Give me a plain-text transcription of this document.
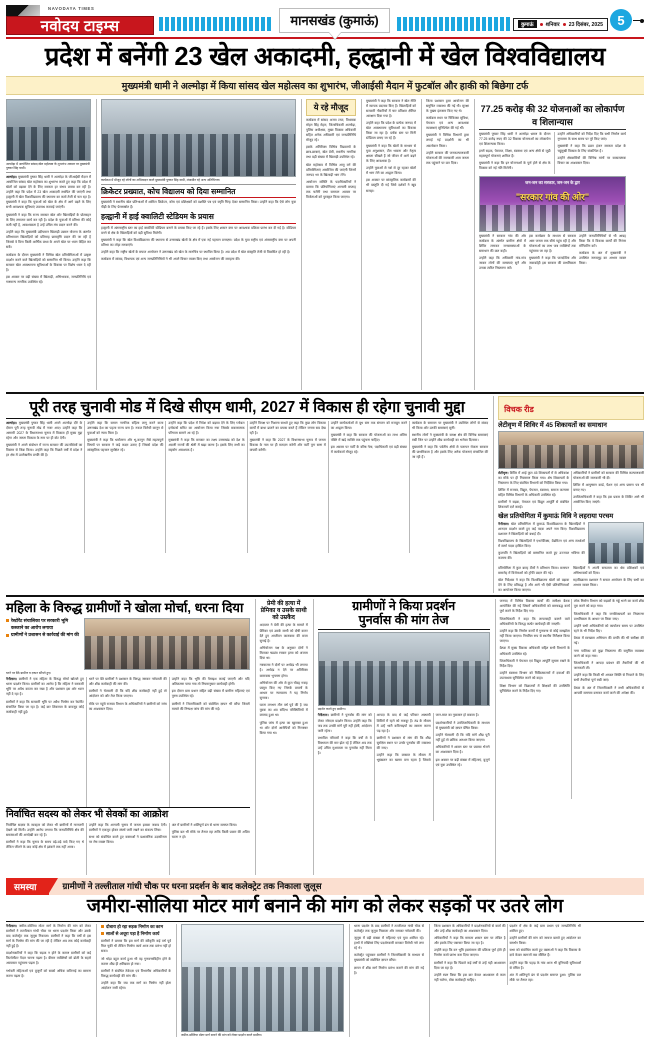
NAVODAYA TIMES
नवोदय टाइम्स	मानसखंड (कुमाऊं)	कुमाऊं	शनिवार 23 दिसंबर, 2025	5
प्रदेश में बनेंगी 23 खेल अकादमी, हल्द्वानी में खेल विश्वविद्यालय
मुख्यमंत्री धामी ने अल्मोड़ा में किया सांसद खेल महोत्सव का शुभारंभ, जीआईसी मैदान में फुटबॉल और हाकी को बिछेगा टर्फ
अल्मोड़ा में आयोजित सांसद खेल महोत्सव के शुभारंभ अवसर पर मुख्यमंत्री पुष्कर सिंह धामी।

अल्मोड़ा। मुख्यमंत्री पुष्कर सिंह धामी ने अल्मोड़ा के जीआईसी मैदान में आयोजित सांसद खेल महोत्सव का शुभारंभ करते हुए कहा कि प्रदेश में खेलों को बढ़ावा देने के लिए सरकार हर संभव प्रयास कर रही है। उन्होंने कहा कि प्रदेश में 23 खेल अकादमी स्थापित की जाएंगी तथा हल्द्वानी में खेल विश्वविद्यालय की स्थापना का कार्य तेजी से चल रहा है। मुख्यमंत्री ने कहा कि युवाओं को खेल के क्षेत्र में आगे बढ़ने के लिए सभी आवश्यक सुविधाएं उपलब्ध करवाई जाएंगी।

मुख्यमंत्री ने कहा कि राज्य सरकार खेल और खिलाड़ियों के प्रोत्साहन के लिए लगातार कार्य कर रही है। प्रदेश के युवाओं में प्रतिभा की कोई कमी नहीं है, आवश्यकता है उन्हें उचित मंच प्रदान करने की।

उन्होंने कहा कि मुख्यमंत्री उदीयमान खिलाड़ी उन्नयन योजना के अंतर्गत प्रतिभावान खिलाड़ियों को प्रतिमाह छात्रवृत्ति प्रदान की जा रही है जिससे वे बिना किसी आर्थिक बाधा के अपने खेल पर ध्यान केंद्रित कर सकें।

कार्यक्रम के दौरान मुख्यमंत्री ने विभिन्न खेल प्रतियोगिताओं में उत्कृष्ट प्रदर्शन करने वाले खिलाड़ियों को सम्मानित भी किया। उन्होंने कहा कि सरकार खेल अवस्थापना सुविधाओं के विकास पर विशेष ध्यान दे रही है।

इस अवसर पर बड़ी संख्या में खिलाड़ी, अभिभावक, जनप्रतिनिधि एवं गणमान्य नागरिक उपस्थित रहे।

कार्यक्रम में मौजूद रहे लोगों का अभिवादन करते मुख्यमंत्री पुष्कर सिंह धामी, मंचासीन रहे अन्य अतिथिगण।
क्रिकेटर प्रख्यात, कोच विद्यालय को दिया सम्मानित

मुख्यमंत्री ने स्थानीय खेल प्रतिभाओं में शामिल क्रिकेटर, कोच एवं प्रशिक्षकों को प्रशस्ति पत्र एवं स्मृति चिन्ह देकर सम्मानित किया। उन्होंने कहा कि ऐसे लोग युवा पीढ़ी के लिए प्रेरणास्रोत हैं।

हल्द्वानी में हाई क्वालिटी स्टेडियम के प्रयास

हल्द्वानी में अंतरराष्ट्रीय स्तर का हाई क्वालिटी स्टेडियम बनाने के प्रयास किए जा रहे हैं। इसके लिए शासन स्तर पर आवश्यक प्रक्रिया प्रारंभ कर दी गई है। स्टेडियम बनने से क्षेत्र के खिलाड़ियों को बड़ी सुविधा मिलेगी।

मुख्यमंत्री ने कहा कि खेल विश्वविद्यालय की स्थापना से उत्तराखंड खेलों के क्षेत्र में एक नई पहचान बनाएगा। प्रदेश के युवा राष्ट्रीय एवं अंतरराष्ट्रीय स्तर पर अपनी प्रतिभा का लोहा मनवाएंगे।

उन्होंने कहा कि राष्ट्रीय खेलों के सफल आयोजन ने उत्तराखंड को खेल के मानचित्र पर स्थापित किया है। अब प्रदेश में खेल संस्कृति तेजी से विकसित हो रही है।

कार्यक्रम में सांसद, विधायक एवं अन्य जनप्रतिनिधियों ने भी अपने विचार व्यक्त किए तथा आयोजन की सराहना की।

ये रहे मौजूद

कार्यक्रम में सांसद अजय टम्टा, विधायक मोहन सिंह मेहरा, जिलाधिकारी अल्मोड़ा, पुलिस अधीक्षक, मुख्य विकास अधिकारी सहित अनेक अधिकारी एवं जनप्रतिनिधि मौजूद रहे।

इसके अतिरिक्त विभिन्न विद्यालयों के छात्र-छात्राएं, खेल प्रेमी, स्थानीय नागरिक तथा बड़ी संख्या में खिलाड़ी उपस्थित रहे।

खेल महोत्सव में विभिन्न आयु वर्ग की प्रतियोगिताएं आयोजित की जाएंगी जिनमें जनपद भर के खिलाड़ी भाग लेंगे।

आयोजन समिति के पदाधिकारियों ने बताया कि प्रतियोगिताएं आगामी सप्ताह तक चलेंगी तथा समापन अवसर पर विजेताओं को पुरस्कृत किया जाएगा।

मुख्यमंत्री ने कहा कि सरकार ने खेल नीति में व्यापक बदलाव किए हैं। खिलाड़ियों को सरकारी नौकरियों में चार प्रतिशत क्षैतिज आरक्षण दिया गया है।

उन्होंने कहा कि प्रदेश के प्रत्येक जनपद में खेल अवस्थापना सुविधाओं का विकास किया जा रहा है। ब्लॉक स्तर पर मिनी स्टेडियम बनाए जा रहे हैं।

मुख्यमंत्री ने कहा कि खेलों के माध्यम से युवा अनुशासन, टीम भावना और नेतृत्व क्षमता सीखते हैं जो जीवन में आगे बढ़ने के लिए आवश्यक है।

उन्होंने युवाओं से नशे से दूर रहकर खेलों में भाग लेने का आह्वान किया।

इस अवसर पर सांस्कृतिक कार्यक्रमों की भी प्रस्तुति दी गई जिसे दर्शकों ने खूब सराहा।

जिला प्रशासन द्वारा आयोजन की समुचित व्यवस्था की गई थी। सुरक्षा के पुख्ता इंतजाम किए गए थे।

कार्यक्रम स्थल पर चिकित्सा सुविधा, पेयजल एवं अन्य आवश्यक व्यवस्थाएं सुनिश्चित की गई थीं।

मुख्यमंत्री ने विभिन्न विभागों द्वारा लगाई गई प्रदर्शनी का भी अवलोकन किया।

उन्होंने सरकार की जनकल्याणकारी योजनाओं की जानकारी आम जनता तक पहुंचाने पर बल दिया।

77.25 करोड़ की 32 योजनाओं का लोकार्पण व शिलान्यास

मुख्यमंत्री पुष्कर सिंह धामी ने अल्मोड़ा भ्रमण के दौरान 77.25 करोड़ रुपए की 32 विकास योजनाओं का लोकार्पण एवं शिलान्यास किया।

इनमें सड़क, पेयजल, शिक्षा, स्वास्थ्य एवं अन्य क्षेत्रों से जुड़ी महत्वपूर्ण योजनाएं शामिल हैं।

मुख्यमंत्री ने कहा कि इन योजनाओं के पूर्ण होने से क्षेत्र के विकास को नई गति मिलेगी।

उन्होंने अधिकारियों को निर्देश दिए कि सभी निर्माण कार्य गुणवत्ता के साथ समय पर पूरे किए जाएं।

मुख्यमंत्री ने कहा कि डबल इंजन सरकार प्रदेश के चहुंमुखी विकास के लिए संकल्पित है।

उन्होंने क्षेत्रवासियों की विभिन्न मांगों पर सकारात्मक विचार का आश्वासन दिया।

जन-जन का सरकार, जन-जन के द्वार
"सरकार गांव की ओर"

मुख्यमंत्री ने सरकार गांव की ओर कार्यक्रम के अंतर्गत ग्रामीण क्षेत्रों में शिविर लगाकर जनसमस्याओं के समाधान की बात कही।

उन्होंने कहा कि अधिकारी गांव-गांव जाकर लोगों की समस्याएं सुनें और उनका त्वरित निस्तारण करें।

इस कार्यक्रम के माध्यम से सरकार आम जनता तक सीधे पहुंच रही है और योजनाओं का लाभ पात्र व्यक्तियों तक पहुंचाया जा रहा है।

मुख्यमंत्री ने कहा कि पारदर्शिता और जवाबदेही इस सरकार की प्राथमिकता है।

उन्होंने जनप्रतिनिधियों से भी आग्रह किया कि वे विकास कार्यों की निरंतर मॉनिटरिंग करें।

कार्यक्रम के अंत में मुख्यमंत्री ने उपस्थित जनसमूह का आभार व्यक्त किया।

पूरी तरह चुनावी मोड में दिखे सीएम धामी, 2027 में विकास ही रहेगा चुनावी मुद्दा

अल्मोड़ा। मुख्यमंत्री पुष्कर सिंह धामी अपने अल्मोड़ा दौरे के दौरान पूरी तरह चुनावी मोड में नजर आए। उन्होंने कहा कि आगामी 2027 के विधानसभा चुनाव में विकास ही मुख्य मुद्दा रहेगा और जनता विकास के नाम पर ही वोट देगी।

मुख्यमंत्री ने अपने संबोधन में राज्य सरकार की उपलब्धियों का विस्तार से जिक्र किया। उन्होंने कहा कि पिछले वर्षों में प्रदेश ने हर क्षेत्र में उल्लेखनीय प्रगति की है।

उन्होंने कहा कि समान नागरिक संहिता लागू करने वाला उत्तराखंड देश का पहला राज्य बना है। नकल विरोधी कानून से युवाओं को न्याय मिला है।

मुख्यमंत्री ने कहा कि धर्मांतरण और भू-कानून जैसे महत्वपूर्ण विषयों पर सरकार ने कड़े कदम उठाए हैं जिससे प्रदेश की सांस्कृतिक पहचान सुरक्षित रहे।

उन्होंने कहा कि प्रदेश में निवेश को बढ़ावा देने के लिए ग्लोबल इन्वेस्टर्स समिट का आयोजन किया गया जिसके सकारात्मक परिणाम सामने आ रहे हैं।

मुख्यमंत्री ने कहा कि सरकार का लक्ष्य उत्तराखंड को देश के अग्रणी राज्यों की श्रेणी में खड़ा करना है। इसके लिए सभी का सहयोग आवश्यक है।

उन्होंने विपक्ष पर निशाना साधते हुए कहा कि कुछ लोग विकास कार्यों में बाधा डालने का प्रयास करते हैं लेकिन जनता सब देख रही है।

मुख्यमंत्री ने कहा कि 2027 के विधानसभा चुनाव में जनता विकास के नाम पर ही मतदान करेगी और पार्टी पुनः सत्ता में वापसी करेगी।

उन्होंने कार्यकर्ताओं से बूथ स्तर तक संगठन को मजबूत करने का आह्वान किया।

मुख्यमंत्री ने कहा कि सरकार की योजनाओं का लाभ अंतिम पंक्ति में खड़े व्यक्ति तक पहुंचना चाहिए।

इस अवसर पर पार्टी के वरिष्ठ नेता, पदाधिकारी एवं बड़ी संख्या में कार्यकर्ता मौजूद रहे।

कार्यक्रम के समापन पर मुख्यमंत्री ने उपस्थित लोगों से संवाद भी किया और उनकी समस्याएं सुनीं।

स्थानीय लोगों ने मुख्यमंत्री के समक्ष क्षेत्र की विभिन्न समस्याएं रखीं जिन पर उन्होंने शीघ्र कार्यवाही का भरोसा दिलाया।

मुख्यमंत्री ने कहा कि पर्वतीय क्षेत्रों से पलायन रोकना सरकार की प्राथमिकता है और इसके लिए अनेक योजनाएं संचालित की जा रही हैं।

विचक रीड
लेटीवृण में शिविर में 45 शिकायतों का समाधान

लेटीवृण। शिविर में आई कुल 45 शिकायतों में से अधिकांश का मौके पर ही निस्तारण किया गया। शेष शिकायतों के निस्तारण के लिए संबंधित विभागों को निर्देशित किया गया।

शिविर में राजस्व, विद्युत, पेयजल, स्वास्थ्य, समाज कल्याण सहित विभिन्न विभागों के अधिकारी उपस्थित रहे।

ग्रामीणों ने सड़क, पेयजल एवं विद्युत आपूर्ति से संबंधित शिकायतें दर्ज कराईं।

अधिकारियों ने ग्रामीणों को सरकार की विभिन्न कल्याणकारी योजनाओं की जानकारी भी दी।

शिविर में आयुष्मान कार्ड, पेंशन एवं अन्य प्रमाण पत्र भी बनाए गए।

उपजिलाधिकारी ने कहा कि इस प्रकार के शिविर आगे भी आयोजित किए जाएंगे।

खेल प्रतियोगिता में कुमाऊं विवि ने लहराया परचम

नैनीताल। खेल प्रतियोगिता में कुमाऊं विश्वविद्यालय के खिलाड़ियों ने शानदार प्रदर्शन करते हुए कई पदक अपने नाम किए। विश्वविद्यालय प्रशासन ने खिलाड़ियों को बधाई दी।

विश्वविद्यालय के खिलाड़ियों ने एथलेटिक्स, बैडमिंटन एवं अन्य स्पर्धाओं में स्वर्ण पदक हासिल किए।

कुलपति ने खिलाड़ियों को सम्मानित करते हुए उज्ज्वल भविष्य की कामना की।

प्रतियोगिता में कुल बारह टीमों ने प्रतिभाग किया। समापन समारोह में विजेताओं को ट्रॉफी प्रदान की गई।

खेल निदेशक ने कहा कि विश्वविद्यालय खेलों को बढ़ावा देने के लिए प्रतिबद्ध है और आगे भी ऐसी प्रतियोगिताओं का आयोजन किया जाएगा।

खिलाड़ियों ने अपनी सफलता का श्रेय प्रशिक्षकों एवं अभिभावकों को दिया।

महाविद्यालय प्रशासन ने सफल आयोजन के लिए सभी का आभार व्यक्त किया।

महिला के विरुद्ध ग्रामीणों ने खोला मोर्चा, धरना दिया
रेस्टोरेंट संचालिका पर सरकारी भूमि कब्जाने का आरोप लगाया
ग्रामीणों ने प्रशासन से कार्रवाई की मांग की
धरने पर बैठे ग्रामीण व ज्ञापन सौंपते हुए।

नैनीताल। ग्रामीणों ने एक महिला के विरुद्ध मोर्चा खोलते हुए धरना प्रदर्शन किया। ग्रामीणों का आरोप है कि महिला ने सरकारी भूमि पर अवैध कब्जा कर रखा है और प्रशासन इस ओर ध्यान नहीं दे रहा है।

ग्रामीणों ने कहा कि सरकारी भूमि पर अवैध निर्माण कर रेस्टोरेंट संचालित किया जा रहा है। कई बार शिकायत के बावजूद कोई कार्यवाही नहीं हुई।

धरने पर बैठे ग्रामीणों ने प्रशासन के विरुद्ध जमकर नारेबाजी की और शीघ्र कार्यवाही की मांग की।

ग्रामीणों ने चेतावनी दी कि यदि शीघ्र कार्यवाही नहीं हुई तो आंदोलन को और तेज किया जाएगा।

मौके पर पहुंचे राजस्व विभाग के अधिकारियों ने ग्रामीणों को जांच का आश्वासन दिया।

उन्होंने कहा कि भूमि की पैमाइश कराई जाएगी और यदि अतिक्रमण पाया गया तो नियमानुसार कार्यवाही होगी।

इस दौरान ग्राम प्रधान सहित बड़ी संख्या में ग्रामीण महिलाएं एवं पुरुष उपस्थित रहे।

ग्रामीणों ने जिलाधिकारी को संबोधित ज्ञापन भी सौंपा जिसमें मामले की निष्पक्ष जांच की मांग की गई।

निर्वाचित सदस्य को लेकर भी सेवकों का आक्रोश

निर्वाचित सदस्य के व्यवहार को लेकर भी ग्रामीणों में नाराजगी देखने को मिली। उन्होंने आरोप लगाया कि जनप्रतिनिधि क्षेत्र की समस्याओं की अनदेखी कर रहे हैं।

ग्रामीणों ने कहा कि चुनाव के समय बड़े-बड़े वादे किए गए थे लेकिन जीतने के बाद कोई क्षेत्र में झांकने तक नहीं आया।

उन्होंने कहा कि आगामी चुनाव में जनता इसका जवाब देगी। ग्रामीणों ने एकजुट होकर संघर्ष जारी रखने का संकल्प लिया।

सभा को संबोधित करते हुए वक्ताओं ने प्रशासनिक उदासीनता पर रोष व्यक्त किया।

अंत में ग्रामीणों ने शांतिपूर्ण ढंग से धरना समाप्त किया।

पुलिस बल भी मौके पर तैनात रहा ताकि किसी प्रकार की अप्रिय घटना न हो।

प्रेमी की हत्या में प्रेमिका व उसके साथी को उम्रकैद

अदालत ने प्रेमी की हत्या के मामले में प्रेमिका एवं उसके साथी को दोषी करार देते हुए आजीवन कारावास की सजा सुनाई है।

अभियोजन पक्ष के अनुसार दोनों ने मिलकर षड्यंत्र रचकर हत्या को अंजाम दिया था।

न्यायालय ने दोनों पर अर्थदंड भी लगाया है। अर्थदंड न देने पर अतिरिक्त कारावास भुगतना होगा।

अभियोजन की ओर से कुल चौदह गवाह प्रस्तुत किए गए जिनके बयानों के आधार पर न्यायालय ने यह निर्णय सुनाया।

घटना लगभग तीन वर्ष पूर्व की है जब युवक का शव संदिग्ध परिस्थितियों में बरामद हुआ था।

पुलिस जांच में हत्या का खुलासा हुआ था और दोनों आरोपियों को गिरफ्तार किया गया था।

ग्रामीणों ने किया प्रदर्शन
पुनर्वास की मांग तेज
प्रदर्शन करते हुए ग्रामीण।

नैनीताल। ग्रामीणों ने पुनर्वास की मांग को लेकर जोरदार प्रदर्शन किया। उन्होंने कहा कि जब तक उनकी मांगें पूरी नहीं होतीं, आंदोलन जारी रहेगा।

प्रभावित परिवारों ने कहा कि वर्षों से वे विस्थापन की मार झेल रहे हैं लेकिन अब तक उन्हें उचित मुआवजा या पुनर्वास नहीं मिला है।

आपदा के बाद से कई परिवार अस्थायी शिविरों में रहने को मजबूर हैं। ठंड के मौसम में उन्हें भारी कठिनाइयों का सामना करना पड़ रहा है।

ग्रामीणों ने प्रशासन से मांग की कि शीघ्र सुरक्षित स्थान पर उनके पुनर्वास की व्यवस्था की जाए।

उन्होंने कहा कि बरसात के मौसम में भूस्खलन का खतरा बना रहता है जिससे जान-माल का नुकसान हो सकता है।

प्रदर्शनकारियों ने उपजिलाधिकारी के माध्यम से मुख्यमंत्री को ज्ञापन प्रेषित किया।

उन्होंने चेतावनी दी कि यदि मांगें शीघ्र पूरी नहीं हुईं तो क्रमिक अनशन किया जाएगा।

अधिकारियों ने शासन स्तर पर प्रस्ताव भेजने का आश्वासन दिया है।

इस अवसर पर बड़ी संख्या में महिलाएं, बुजुर्ग एवं युवा उपस्थित रहे।

जनपद में विभिन्न विकास कार्यों की समीक्षा बैठक आयोजित की गई जिसमें अधिकारियों को समयबद्ध कार्य पूर्ण करने के निर्देश दिए गए।

जिलाधिकारी ने कहा कि लापरवाही बरतने वाले अधिकारियों के विरुद्ध कठोर कार्यवाही की जाएगी।

उन्होंने कहा कि निर्माण कार्यों में गुणवत्ता से कोई समझौता नहीं किया जाएगा। नियमित रूप से स्थलीय निरीक्षण किया जाएगा।

बैठक में मुख्य विकास अधिकारी सहित सभी विभागों के अधिकारी उपस्थित रहे।

जिलाधिकारी ने पेयजल एवं विद्युत आपूर्ति सुचारु रखने के निर्देश दिए।

उन्होंने स्वास्थ्य विभाग को चिकित्सालयों में दवाओं की उपलब्धता सुनिश्चित करने को कहा।

शिक्षा विभाग को विद्यालयों में शिक्षकों की उपस्थिति सुनिश्चित करने के निर्देश दिए गए।

लोक निर्माण विभाग को सड़कों के गड्ढे भरने का कार्य शीघ्र पूरा करने को कहा गया।

जिलाधिकारी ने कहा कि जनशिकायतों का निस्तारण प्राथमिकता के आधार पर किया जाए।

उन्होंने सभी अधिकारियों को कार्यालय समय पर उपस्थित रहने के भी निर्देश दिए।

बैठक में स्वच्छता अभियान की प्रगति की भी समीक्षा की गई।

नगर पालिका को कूड़ा निस्तारण की समुचित व्यवस्था करने को कहा गया।

जिलाधिकारी ने आपदा प्रबंधन की तैयारियों की भी जानकारी ली।

उन्होंने कहा कि किसी भी आपात स्थिति से निपटने के लिए सभी तैयारियां पूर्ण रखी जाएं।

बैठक के अंत में जिलाधिकारी ने सभी अधिकारियों से आपसी समन्वय बनाकर कार्य करने की अपेक्षा की।

समस्या	ग्रामीणों ने तल्लीताल गांधी चौक पर धरना प्रदर्शन के बाद कलेक्ट्रेट तक निकाला जुलूस
जमीरा-सोलिया मोटर मार्ग बनाने की मांग को लेकर सड़कों पर उतरे लोग

नैनीताल। जमीरा-सोलिया मोटर मार्ग के निर्माण की मांग को लेकर ग्रामीणों ने तल्लीताल गांधी चौक पर धरना प्रदर्शन किया और उसके बाद कलेक्ट्रेट तक जुलूस निकाला। ग्रामीणों ने कहा कि वर्षों से इस मार्ग के निर्माण की मांग की जा रही है लेकिन अब तक कोई कार्यवाही नहीं हुई है।

प्रदर्शनकारियों ने कहा कि सड़क न होने के कारण ग्रामीणों को कई किलोमीटर पैदल चलना पड़ता है। बीमार व्यक्तियों को डोली के सहारे अस्पताल पहुंचाना पड़ता है।

गर्भवती महिलाओं एवं बुजुर्गों को सबसे अधिक कठिनाई का सामना करना पड़ता है।

दोबारा हो रहा सड़क निर्माण का काम
सालों से अधूरा पड़ा है निर्माण कार्य

ग्रामीणों ने बताया कि इस मार्ग की स्वीकृति कई वर्ष पूर्व मिल चुकी थी लेकिन निर्माण कार्य आज तक प्रारंभ नहीं हो सका।

जो थोड़ा बहुत कार्य हुआ भी वह गुणवत्ताविहीन होने के कारण शीघ्र ही क्षतिग्रस्त हो गया।

ग्रामीणों ने संबंधित ठेकेदार एवं विभागीय अधिकारियों के विरुद्ध कार्यवाही की मांग की।

उन्होंने कहा कि जब तक मार्ग का निर्माण नहीं होता आंदोलन जारी रहेगा।

जमीरा-सोलिया मोटर मार्ग बनाने की मांग को लेकर प्रदर्शन करते ग्रामीण।

धरना प्रदर्शन के बाद ग्रामीणों ने तल्लीताल गांधी चौक से कलेक्ट्रेट तक जुलूस निकाला और जमकर नारेबाजी की।

जुलूस में बड़ी संख्या में महिलाएं एवं युवा शामिल रहे। हाथों में तख्तियां लिए प्रदर्शनकारी सरकार विरोधी नारे लगा रहे थे।

कलेक्ट्रेट पहुंचकर ग्रामीणों ने जिलाधिकारी के माध्यम से मुख्यमंत्री को संबोधित ज्ञापन सौंपा।

ज्ञापन में शीघ्र मार्ग निर्माण प्रारंभ कराने की मांग की गई है।

जिला प्रशासन के अधिकारियों ने प्रदर्शनकारियों से वार्ता की और उन्हें शीघ्र कार्यवाही का आश्वासन दिया।

अधिकारियों ने कहा कि मामला शासन स्तर पर लंबित है और इसके लिए पत्राचार किया जा रहा है।

उन्होंने कहा कि वन भूमि हस्तांतरण की प्रक्रिया पूर्ण होते ही निर्माण कार्य प्रारंभ करा दिया जाएगा।

ग्रामीणों ने कहा कि पिछले कई वर्षों से उन्हें यही आश्वासन दिया जा रहा है।

उन्होंने स्पष्ट किया कि इस बार केवल आश्वासन से काम नहीं चलेगा, ठोस कार्यवाही चाहिए।

प्रदर्शन में क्षेत्र के कई ग्राम प्रधान एवं जनप्रतिनिधि भी शामिल हुए।

उन्होंने ग्रामीणों की मांग को जायज बताते हुए आंदोलन का समर्थन किया।

सभा को संबोधित करते हुए वक्ताओं ने कहा कि विकास के दावे केवल कागजों तक सीमित हैं।

उन्होंने कहा कि पहाड़ के गांव आज भी बुनियादी सुविधाओं से वंचित हैं।

अंत में शांतिपूर्ण ढंग से प्रदर्शन समाप्त हुआ। पुलिस बल मौके पर तैनात रहा।
